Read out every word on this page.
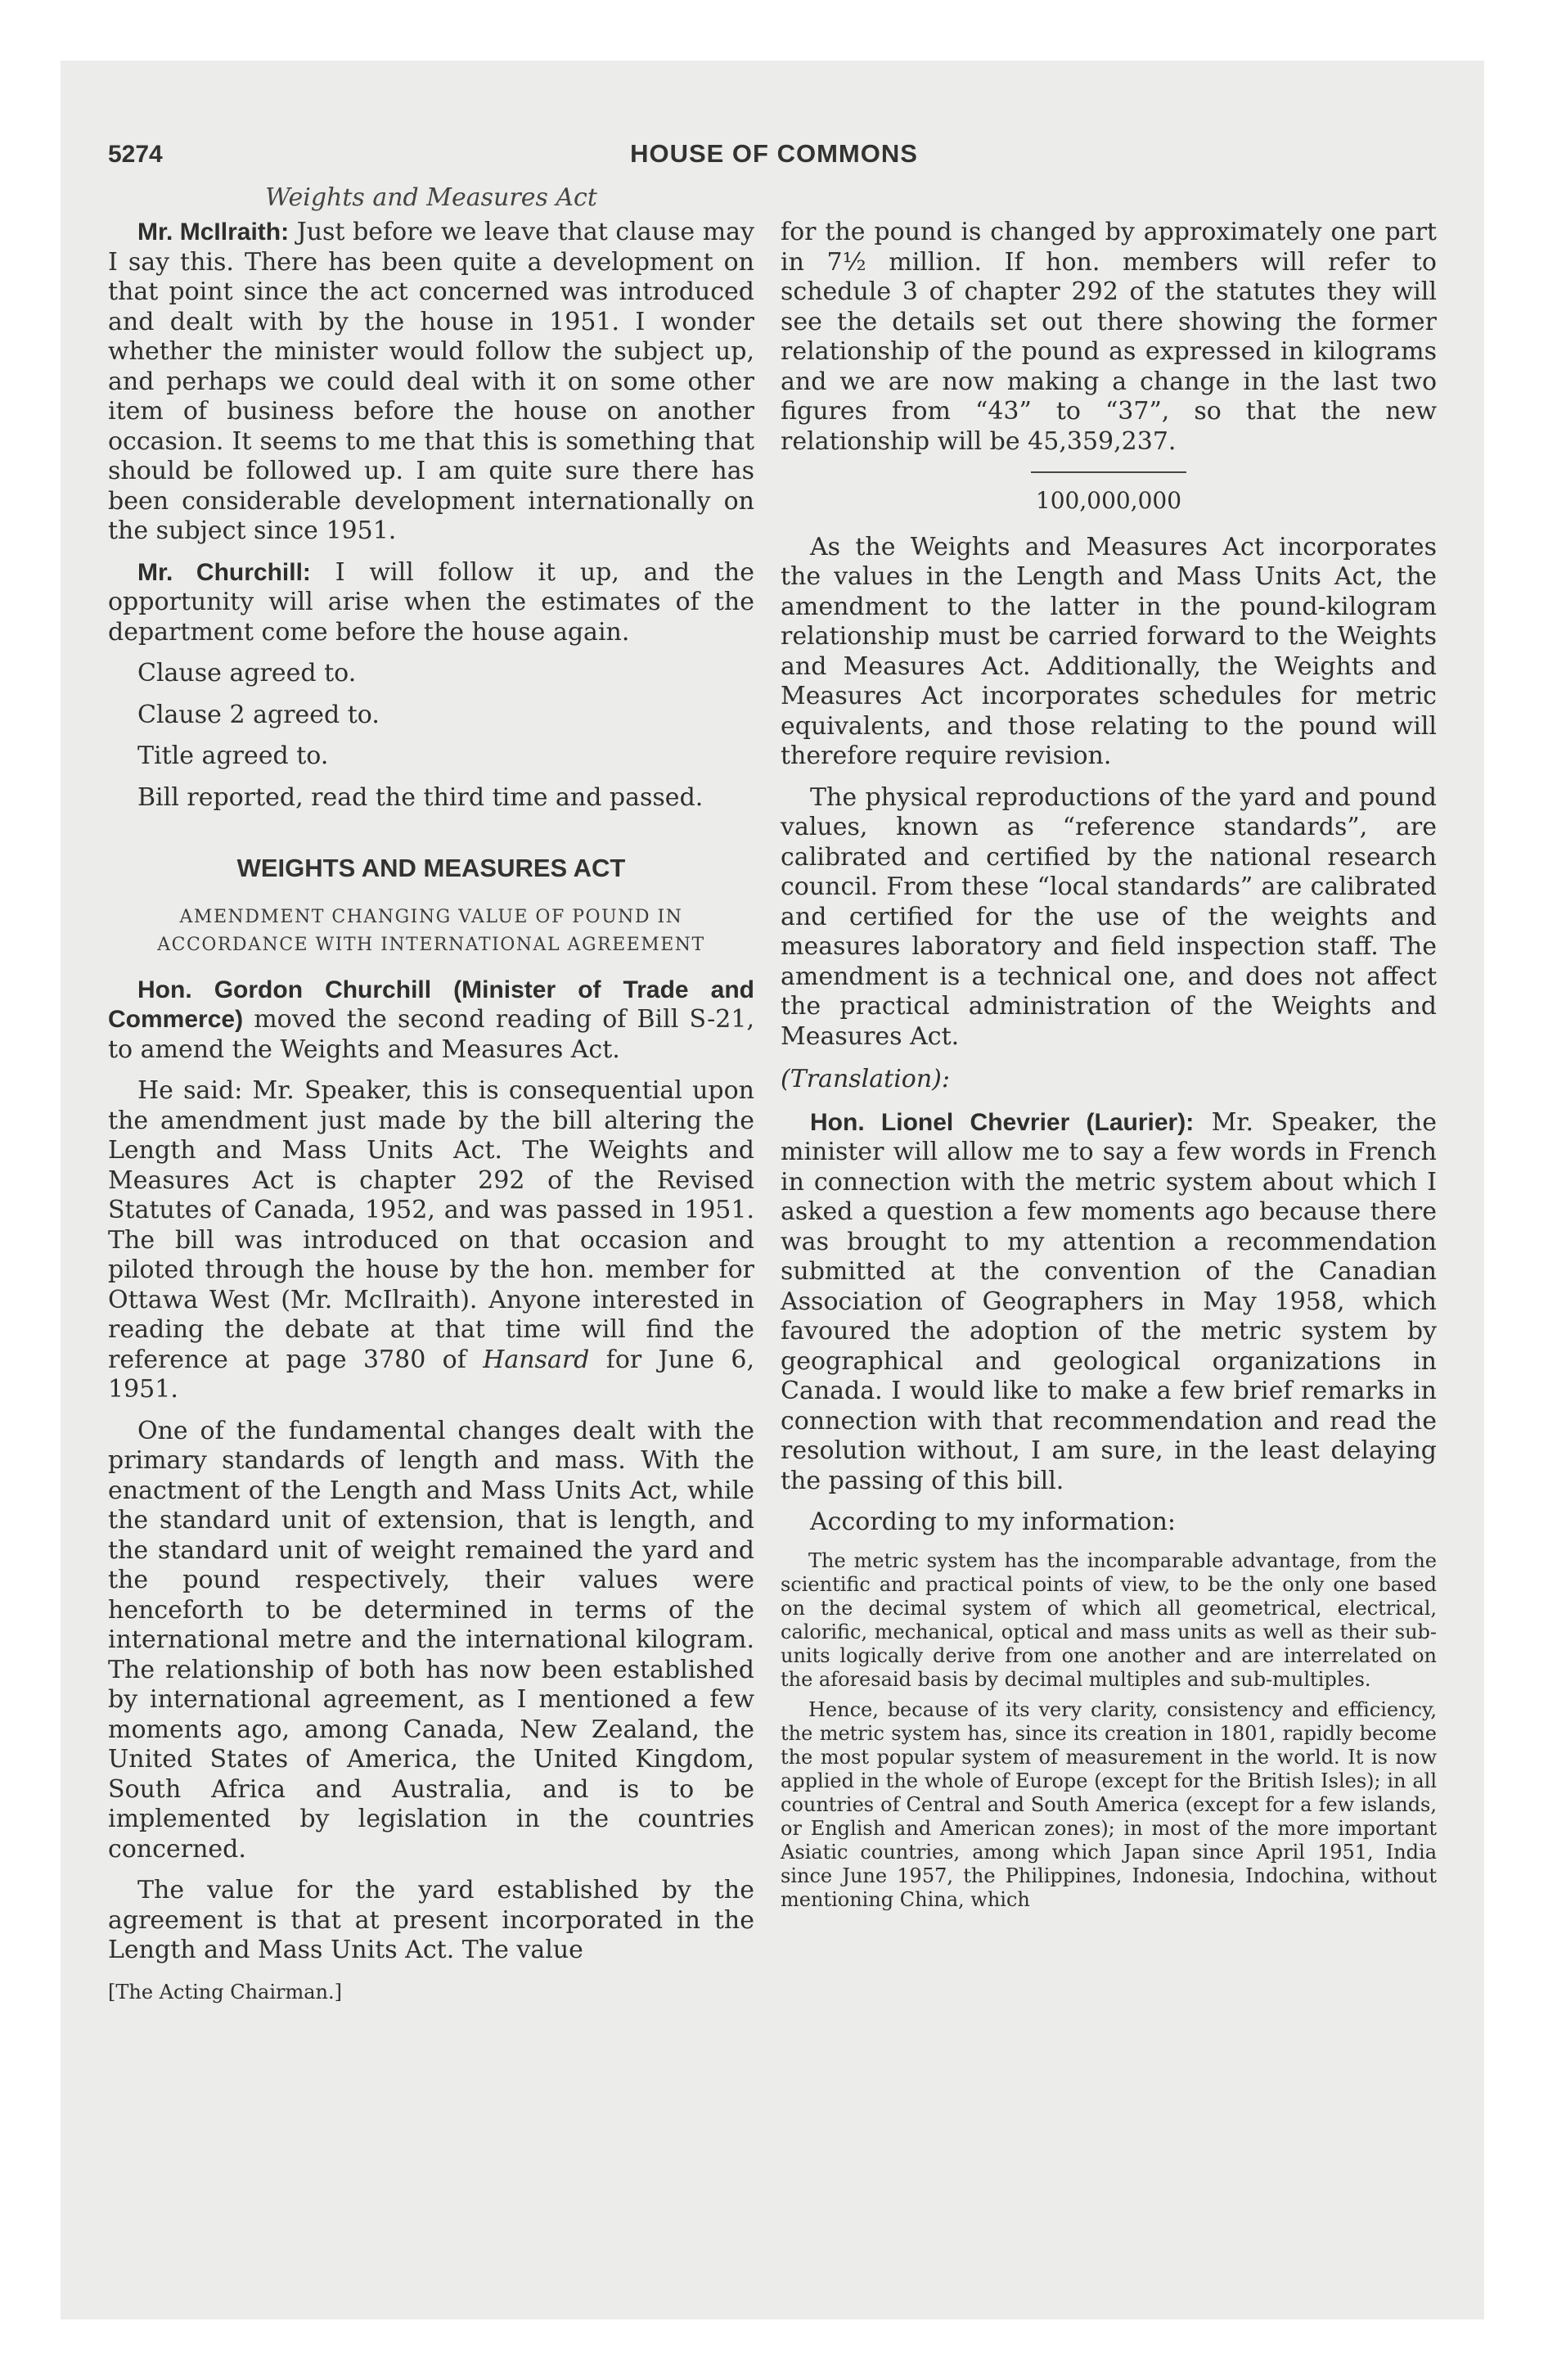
5274	HOUSE OF COMMONS
Weights and Measures Act

Mr. McIlraith: Just before we leave that clause may I say this. There has been quite a development on that point since the act concerned was introduced and dealt with by the house in 1951. I wonder whether the minister would follow the subject up, and perhaps we could deal with it on some other item of business before the house on another occasion. It seems to me that this is something that should be followed up. I am quite sure there has been considerable development internationally on the subject since 1951.

Mr. Churchill: I will follow it up, and the opportunity will arise when the estimates of the department come before the house again.

Clause agreed to.

Clause 2 agreed to.

Title agreed to.

Bill reported, read the third time and passed.

WEIGHTS AND MEASURES ACT
AMENDMENT CHANGING VALUE OF POUND IN ACCORDANCE WITH INTERNATIONAL AGREEMENT

Hon. Gordon Churchill (Minister of Trade and Commerce) moved the second reading of Bill S-21, to amend the Weights and Measures Act.

He said: Mr. Speaker, this is consequential upon the amendment just made by the bill altering the Length and Mass Units Act. The Weights and Measures Act is chapter 292 of the Revised Statutes of Canada, 1952, and was passed in 1951. The bill was introduced on that occasion and piloted through the house by the hon. member for Ottawa West (Mr. McIlraith). Anyone interested in reading the debate at that time will find the reference at page 3780 of Hansard for June 6, 1951.

One of the fundamental changes dealt with the primary standards of length and mass. With the enactment of the Length and Mass Units Act, while the standard unit of extension, that is length, and the standard unit of weight remained the yard and the pound respectively, their values were henceforth to be determined in terms of the international metre and the international kilogram. The relationship of both has now been established by international agreement, as I mentioned a few moments ago, among Canada, New Zealand, the United States of America, the United Kingdom, South Africa and Australia, and is to be implemented by legislation in the countries concerned.

The value for the yard established by the agreement is that at present incorporated in the Length and Mass Units Act. The value

[The Acting Chairman.]

for the pound is changed by approximately one part in 7½ million. If hon. members will refer to schedule 3 of chapter 292 of the statutes they will see the details set out there showing the former relationship of the pound as expressed in kilograms and we are now making a change in the last two figures from “43” to “37”, so that the new relationship will be 45,359,237.

100,000,000

As the Weights and Measures Act incorporates the values in the Length and Mass Units Act, the amendment to the latter in the pound-kilogram relationship must be carried forward to the Weights and Measures Act. Additionally, the Weights and Measures Act incorporates schedules for metric equivalents, and those relating to the pound will therefore require revision.

The physical reproductions of the yard and pound values, known as “reference standards”, are calibrated and certified by the national research council. From these “local standards” are calibrated and certified for the use of the weights and measures laboratory and field inspection staff. The amendment is a technical one, and does not affect the practical administration of the Weights and Measures Act.

(Translation):

Hon. Lionel Chevrier (Laurier): Mr. Speaker, the minister will allow me to say a few words in French in connection with the metric system about which I asked a question a few moments ago because there was brought to my attention a recommendation submitted at the convention of the Canadian Association of Geographers in May 1958, which favoured the adoption of the metric system by geographical and geological organizations in Canada. I would like to make a few brief remarks in connection with that recommendation and read the resolution without, I am sure, in the least delaying the passing of this bill.

According to my information:

The metric system has the incomparable advantage, from the scientific and practical points of view, to be the only one based on the decimal system of which all geometrical, electrical, calorific, mechanical, optical and mass units as well as their sub-units logically derive from one another and are interrelated on the aforesaid basis by decimal multiples and sub-multiples.

Hence, because of its very clarity, consistency and efficiency, the metric system has, since its creation in 1801, rapidly become the most popular system of measurement in the world. It is now applied in the whole of Europe (except for the British Isles); in all countries of Central and South America (except for a few islands, or English and American zones); in most of the more important Asiatic countries, among which Japan since April 1951, India since June 1957, the Philippines, Indonesia, Indochina, without mentioning China, which
